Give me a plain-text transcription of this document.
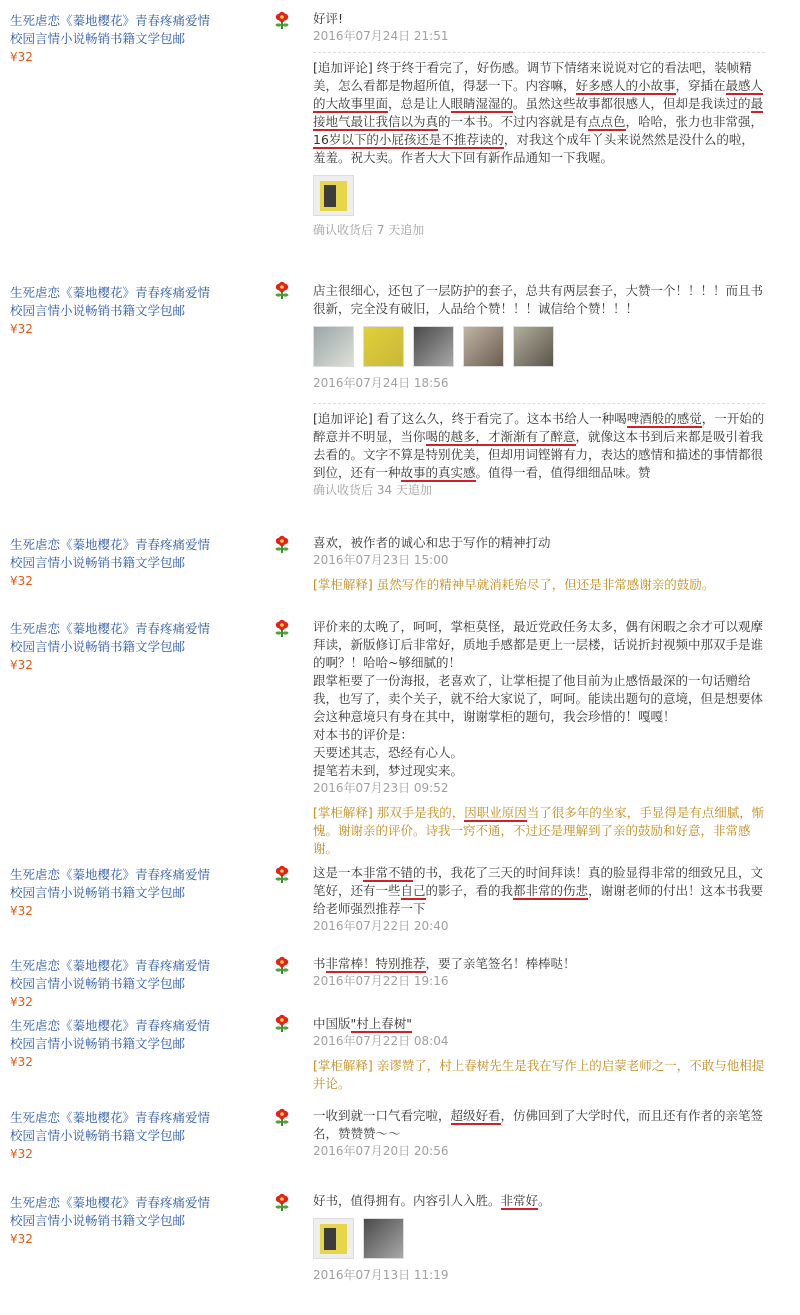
生死虐恋《蓁地樱花》青春疼痛爱情
校园言情小说畅销书籍文学包邮
¥32
好评!
2016年07月24日 21:51
[追加评论] 终于终于看完了，好伤感。调节下情绪来说说对它的看法吧，装帧精美，怎么看都是物超所值，得瑟一下。内容嘛，好多感人的小故事，穿插在最感人的大故事里面，总是让人眼睛湿湿的。虽然这些故事都很感人，但却是我读过的最接地气最让我信以为真的一本书。不过内容就是有点点色，哈哈，张力也非常强，16岁以下的小屁孩还是不推荐读的，对我这个成年丫头来说然然是没什么的啦，羞羞。祝大卖。作者大大下回有新作品通知一下我喔。
确认收货后 7 天追加
生死虐恋《蓁地樱花》青春疼痛爱情
校园言情小说畅销书籍文学包邮
¥32
店主很细心，还包了一层防护的套子，总共有两层套子，大赞一个！！！！而且书很新，完全没有破旧，人品给个赞！！！诚信给个赞！！！
2016年07月24日 18:56
[追加评论] 看了这么久，终于看完了。这本书给人一种喝啤酒般的感觉，一开始的醉意并不明显，当你喝的越多，才渐渐有了醉意，就像这本书到后来都是吸引着我去看的。文字不算是特别优美，但却用词铿锵有力，表达的感情和描述的事情都很到位，还有一种故事的真实感。值得一看，值得细细品味。赞
确认收货后 34 天追加
生死虐恋《蓁地樱花》青春疼痛爱情
校园言情小说畅销书籍文学包邮
¥32
喜欢，被作者的诚心和忠于写作的精神打动
2016年07月23日 15:00
[掌柜解释] 虽然写作的精神早就消耗殆尽了，但还是非常感谢亲的鼓励。
生死虐恋《蓁地樱花》青春疼痛爱情
校园言情小说畅销书籍文学包邮
¥32
评价来的太晚了，呵呵，掌柜莫怪，最近党政任务太多，偶有闲暇之余才可以观摩拜读，新版修订后非常好，质地手感都是更上一层楼，话说折封视频中那双手是谁的啊？！哈哈~够细腻的！
跟掌柜要了一份海报，老喜欢了，让掌柜提了他目前为止感悟最深的一句话赠给我，也写了，卖个关子，就不给大家说了，呵呵。能读出题句的意境，但是想要体会这种意境只有身在其中，谢谢掌柜的题句，我会珍惜的！嘎嘎！
对本书的评价是：
天要述其志，恐经有心人。
提笔若未到，梦过现实来。
2016年07月23日 09:52
[掌柜解释] 那双手是我的，因职业原因当了很多年的坐家，手显得是有点细腻，惭愧。谢谢亲的评价。诗我一窍不通，不过还是理解到了亲的鼓励和好意，非常感谢。
生死虐恋《蓁地樱花》青春疼痛爱情
校园言情小说畅销书籍文学包邮
¥32
这是一本非常不错的书，我花了三天的时间拜读！真的脸显得非常的细致兄且，文笔好，还有一些自己的影子，看的我都非常的伤悲，谢谢老师的付出！这本书我要给老师强烈推荐一下
2016年07月22日 20:40
生死虐恋《蓁地樱花》青春疼痛爱情
校园言情小说畅销书籍文学包邮
¥32
书非常棒！特别推荐，要了亲笔签名！棒棒哒！
2016年07月22日 19:16
生死虐恋《蓁地樱花》青春疼痛爱情
校园言情小说畅销书籍文学包邮
¥32
中国版"村上春树"
2016年07月22日 08:04
[掌柜解释] 亲谬赞了，村上春树先生是我在写作上的启蒙老师之一，不敢与他相提并论。
生死虐恋《蓁地樱花》青春疼痛爱情
校园言情小说畅销书籍文学包邮
¥32
一收到就一口气看完啦，超级好看，仿佛回到了大学时代，而且还有作者的亲笔签名，赞赞赞～～
2016年07月20日 20:56
生死虐恋《蓁地樱花》青春疼痛爱情
校园言情小说畅销书籍文学包邮
¥32
好书，值得拥有。内容引人入胜。非常好。
2016年07月13日 11:19
